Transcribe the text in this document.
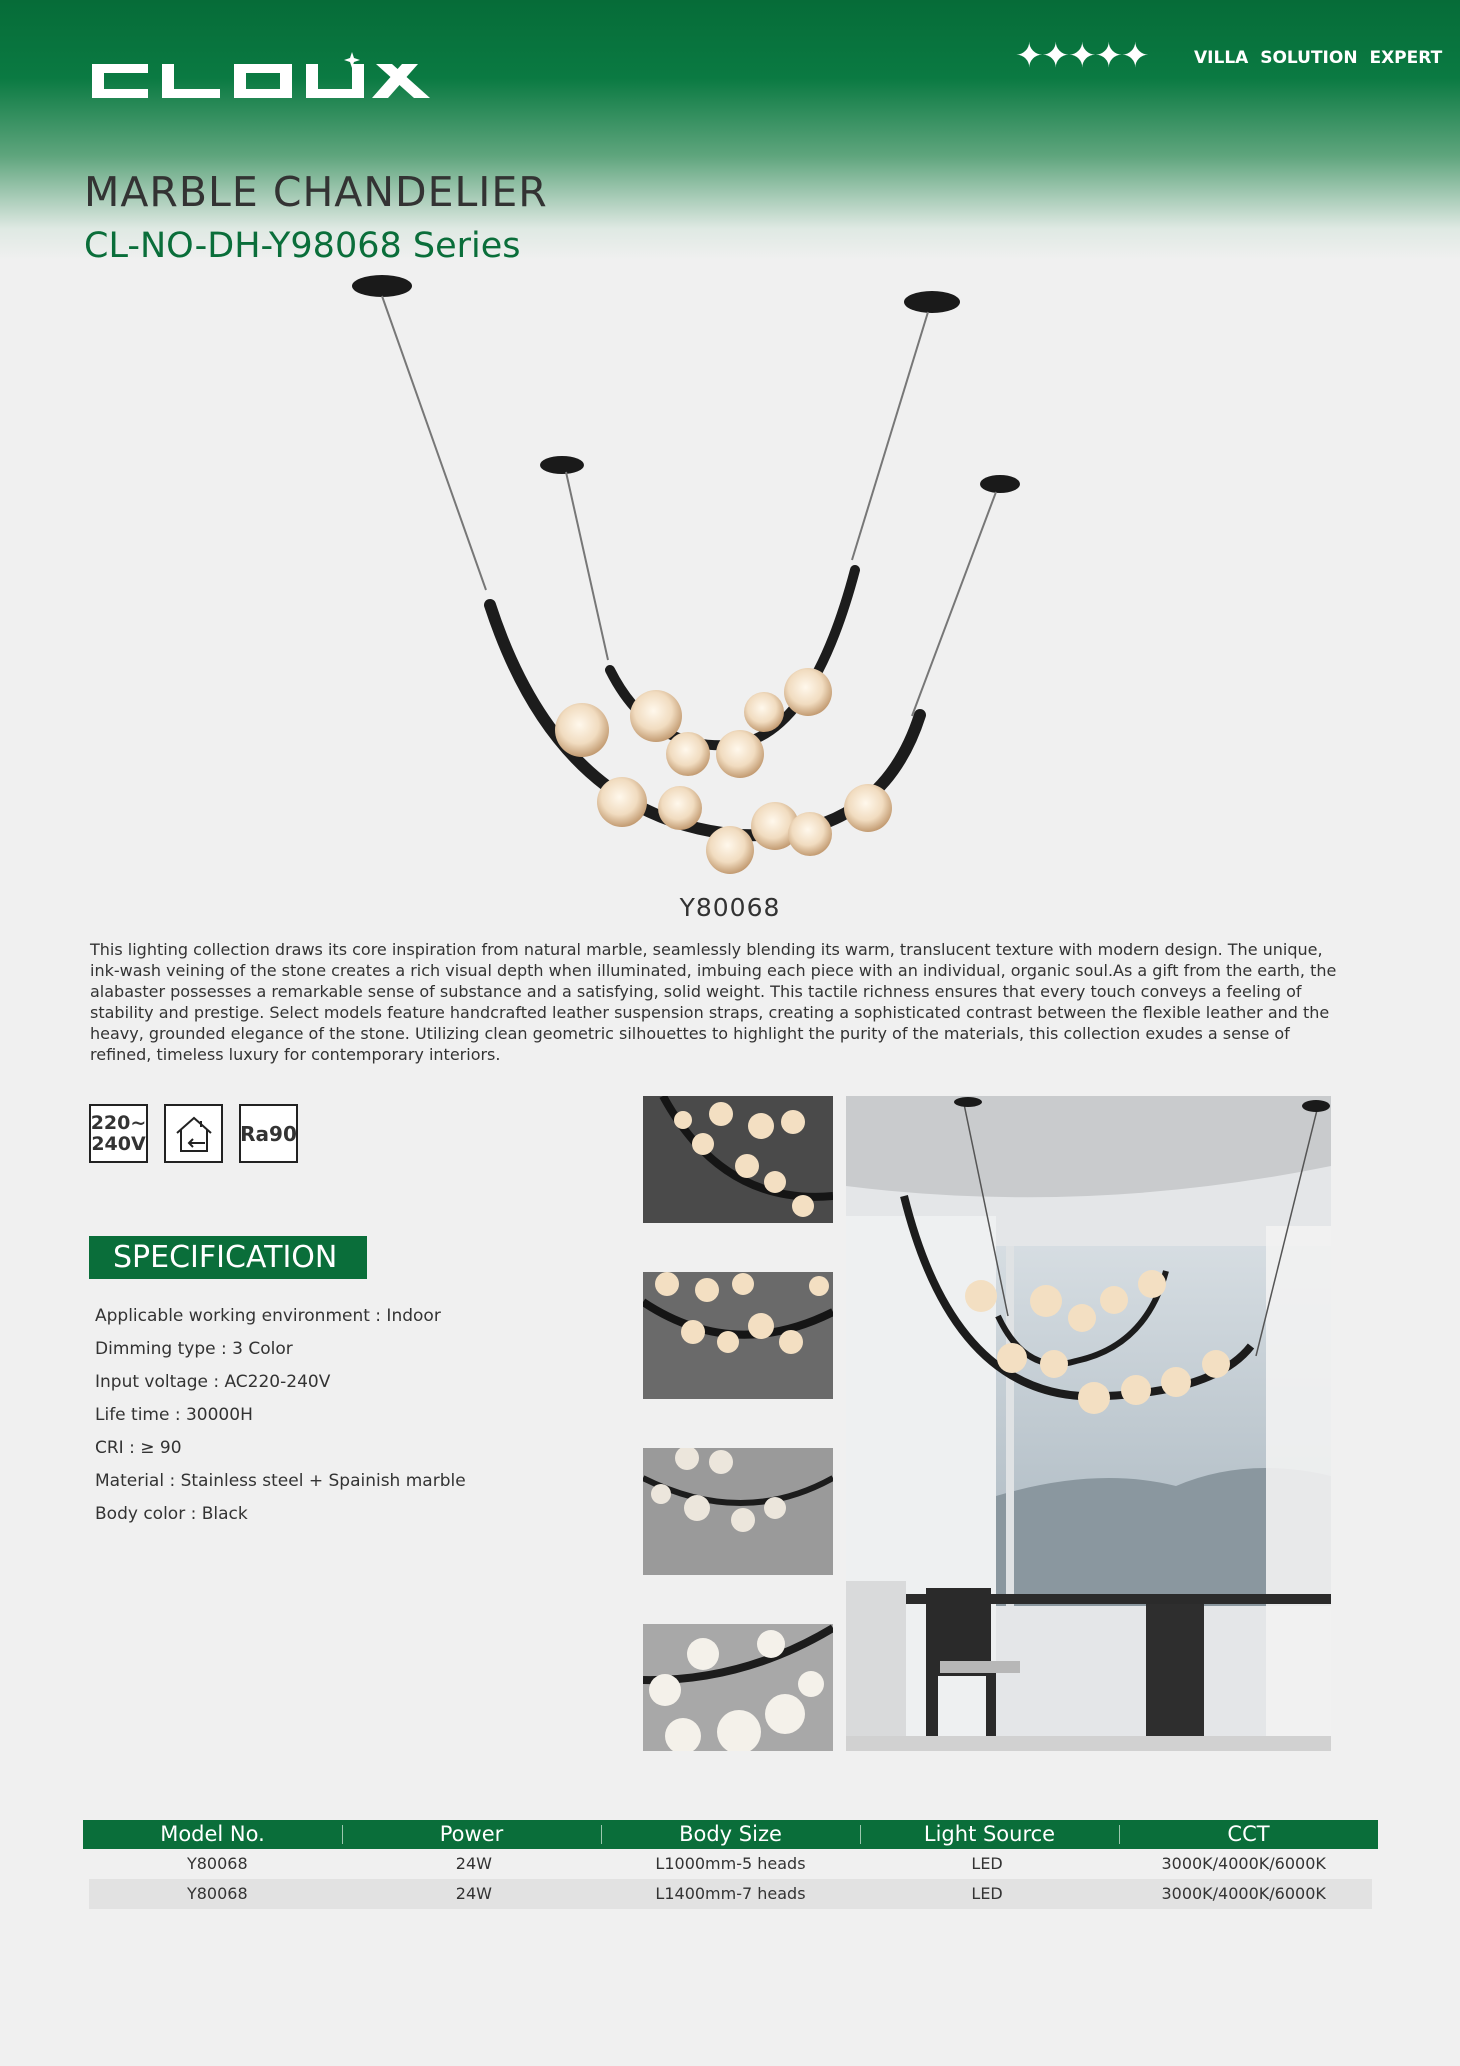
✦✦✦✦✦	VILLA SOLUTION EXPERT
MARBLE CHANDELIER
CL-NO-DH-Y98068 Series
Y80068

This lighting collection draws its core inspiration from natural marble, seamlessly blending its warm, translucent texture with modern design. The unique, ink-wash veining of the stone creates a rich visual depth when illuminated, imbuing each piece with an individual, organic soul.As a gift from the earth, the alabaster possesses a remarkable sense of substance and a satisfying, solid weight. This tactile richness ensures that every touch conveys a feeling of stability and prestige. Select models feature handcrafted leather suspension straps, creating a sophisticated contrast between the flexible leather and the heavy, grounded elegance of the stone. Utilizing clean geometric silhouettes to highlight the purity of the materials, this collection exudes a sense of refined, timeless luxury for contemporary interiors.

220~
240V	Ra90
SPECIFICATION
Applicable working environment : Indoor
Dimming type : 3 Color
Input voltage : AC220-240V
Life time : 30000H
CRI : ≥ 90
Material : Stainless steel + Spainish marble
Body color : Black
Model No.	Power	Body Size	Light Source	CCT
Y80068	24W	L1000mm-5 heads	LED	3000K/4000K/6000K
Y80068	24W	L1400mm-7 heads	LED	3000K/4000K/6000K
